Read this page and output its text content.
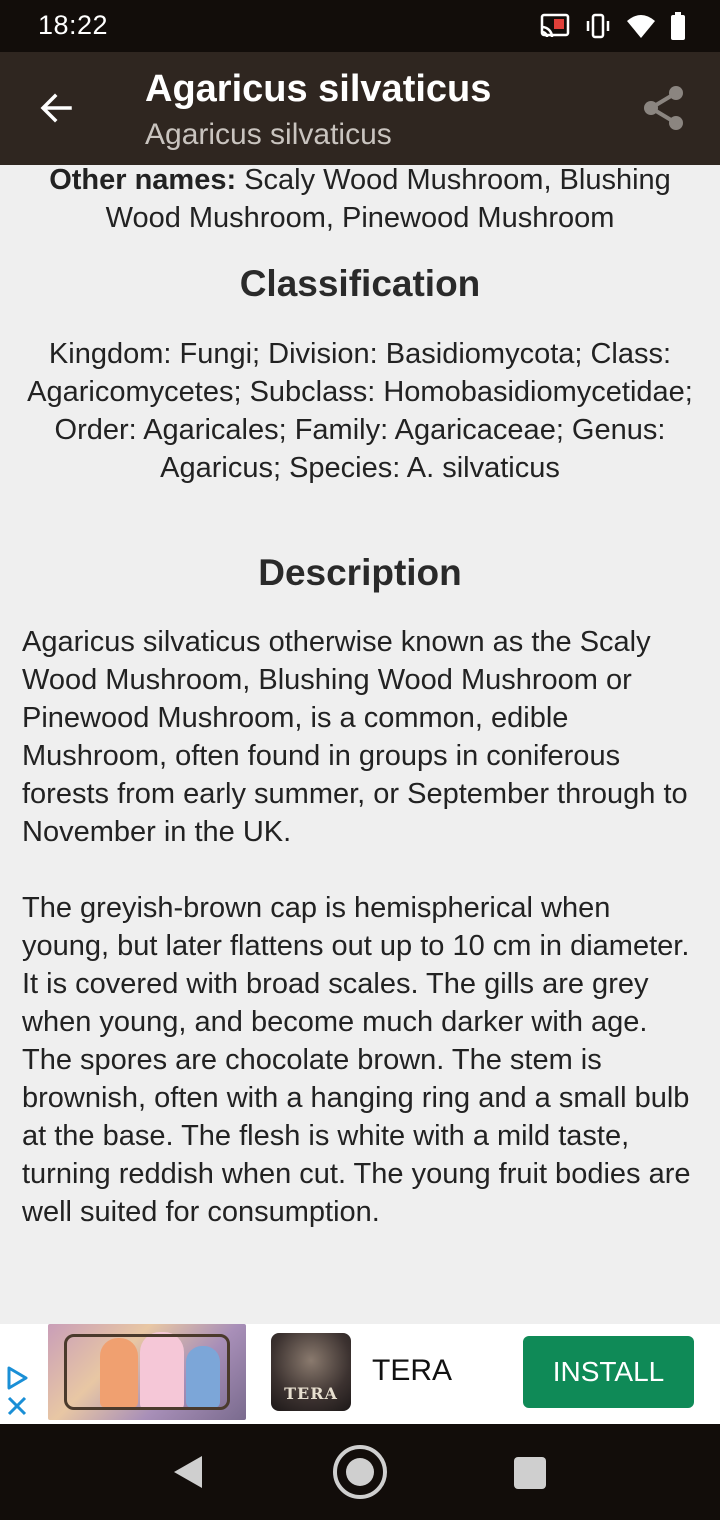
18:22
Agaricus silvaticus
Agaricus silvaticus
Other names: Scaly Wood Mushroom, Blushing Wood Mushroom, Pinewood Mushroom
Classification
Kingdom: Fungi; Division: Basidiomycota; Class: Agaricomycetes; Subclass: Homobasidiomycetidae; Order: Agaricales; Family: Agaricaceae; Genus: Agaricus; Species: A. silvaticus
Description

Agaricus silvaticus otherwise known as the Scaly Wood Mushroom, Blushing Wood Mushroom or Pinewood Mushroom, is a common, edible Mushroom, often found in groups in coniferous forests from early summer, or September through to November in the UK.

The greyish-brown cap is hemispherical when young, but later flattens out up to 10 cm in diameter. It is covered with broad scales. The gills are grey when young, and become much darker with age. The spores are chocolate brown. The stem is brownish, often with a hanging ring and a small bulb at the base. The flesh is white with a mild taste, turning reddish when cut. The young fruit bodies are well suited for consumption.

TERA
TERA	INSTALL
